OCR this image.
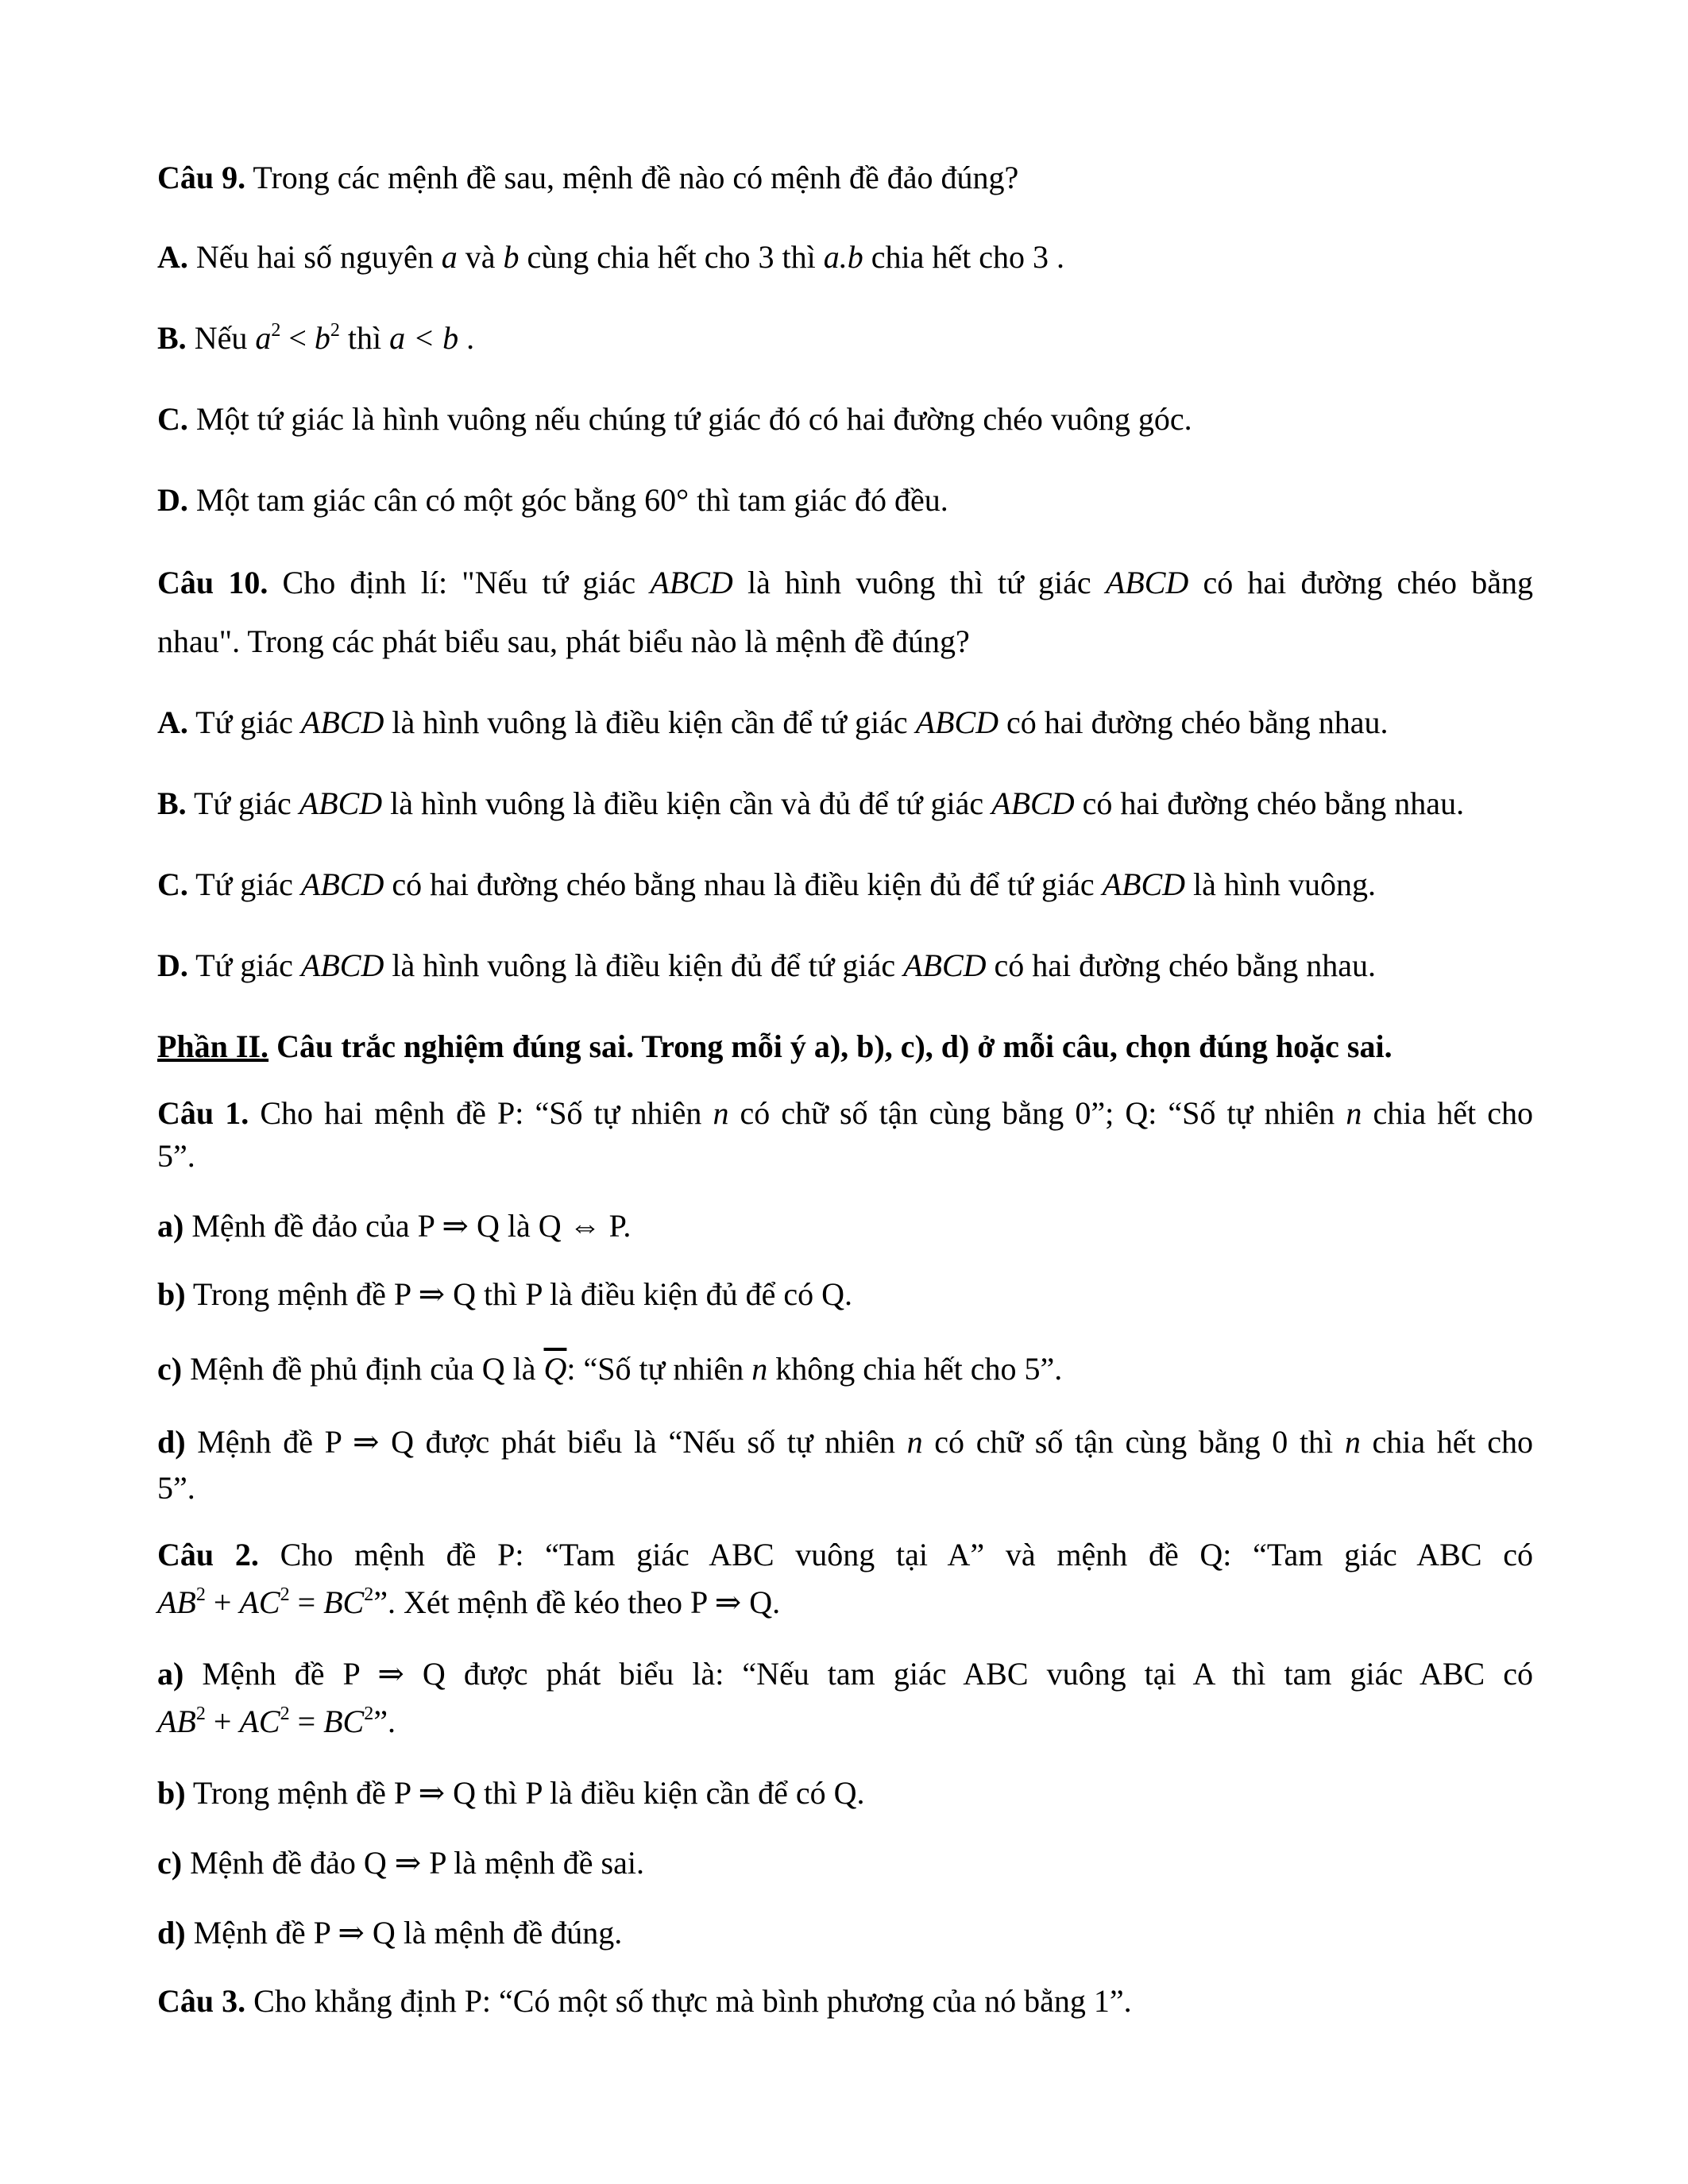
Câu 9. Trong các mệnh đề sau, mệnh đề nào có mệnh đề đảo đúng?
A. Nếu hai số nguyên a và b cùng chia hết cho 3 thì a.b chia hết cho 3 .
B. Nếu $a^2 < b^2$ thì a < b .
C. Một tứ giác là hình vuông nếu chúng tứ giác đó có hai đường chéo vuông góc.
D. Một tam giác cân có một góc bằng 60° thì tam giác đó đều.
Câu 10. Cho định lí: "Nếu tứ giác ABCD là hình vuông thì tứ giác ABCD có hai đường chéo bằng
nhau". Trong các phát biểu sau, phát biểu nào là mệnh đề đúng?
A. Tứ giác ABCD là hình vuông là điều kiện cần để tứ giác ABCD có hai đường chéo bằng nhau.
B. Tứ giác ABCD là hình vuông là điều kiện cần và đủ để tứ giác ABCD có hai đường chéo bằng nhau.
C. Tứ giác ABCD có hai đường chéo bằng nhau là điều kiện đủ để tứ giác ABCD là hình vuông.
D. Tứ giác ABCD là hình vuông là điều kiện đủ để tứ giác ABCD có hai đường chéo bằng nhau.
Phần II. Câu trắc nghiệm đúng sai. Trong mỗi ý a), b), c), d) ở mỗi câu, chọn đúng hoặc sai.
Câu 1. Cho hai mệnh đề P: “Số tự nhiên n có chữ số tận cùng bằng 0”; Q: “Số tự nhiên n chia hết cho
5”.
a) Mệnh đề đảo của P ⇒ Q là Q ⇔ P.
b) Trong mệnh đề P ⇒ Q thì P là điều kiện đủ để có Q.
c) Mệnh đề phủ định của Q là $\overline{Q}$: “Số tự nhiên n không chia hết cho 5”.
d) Mệnh đề P ⇒ Q được phát biểu là “Nếu số tự nhiên n có chữ số tận cùng bằng 0 thì n chia hết cho
5”.
Câu 2. Cho mệnh đề P: “Tam giác ABC vuông tại A” và mệnh đề Q: “Tam giác ABC có
$AB^2 + AC^2 = BC^2$”. Xét mệnh đề kéo theo P ⇒ Q.
a) Mệnh đề P ⇒ Q được phát biểu là: “Nếu tam giác ABC vuông tại A thì tam giác ABC có
$AB^2 + AC^2 = BC^2$”.
b) Trong mệnh đề P ⇒ Q thì P là điều kiện cần để có Q.
c) Mệnh đề đảo Q ⇒ P là mệnh đề sai.
d) Mệnh đề P ⇒ Q là mệnh đề đúng.
Câu 3. Cho khẳng định P: “Có một số thực mà bình phương của nó bằng 1”.
